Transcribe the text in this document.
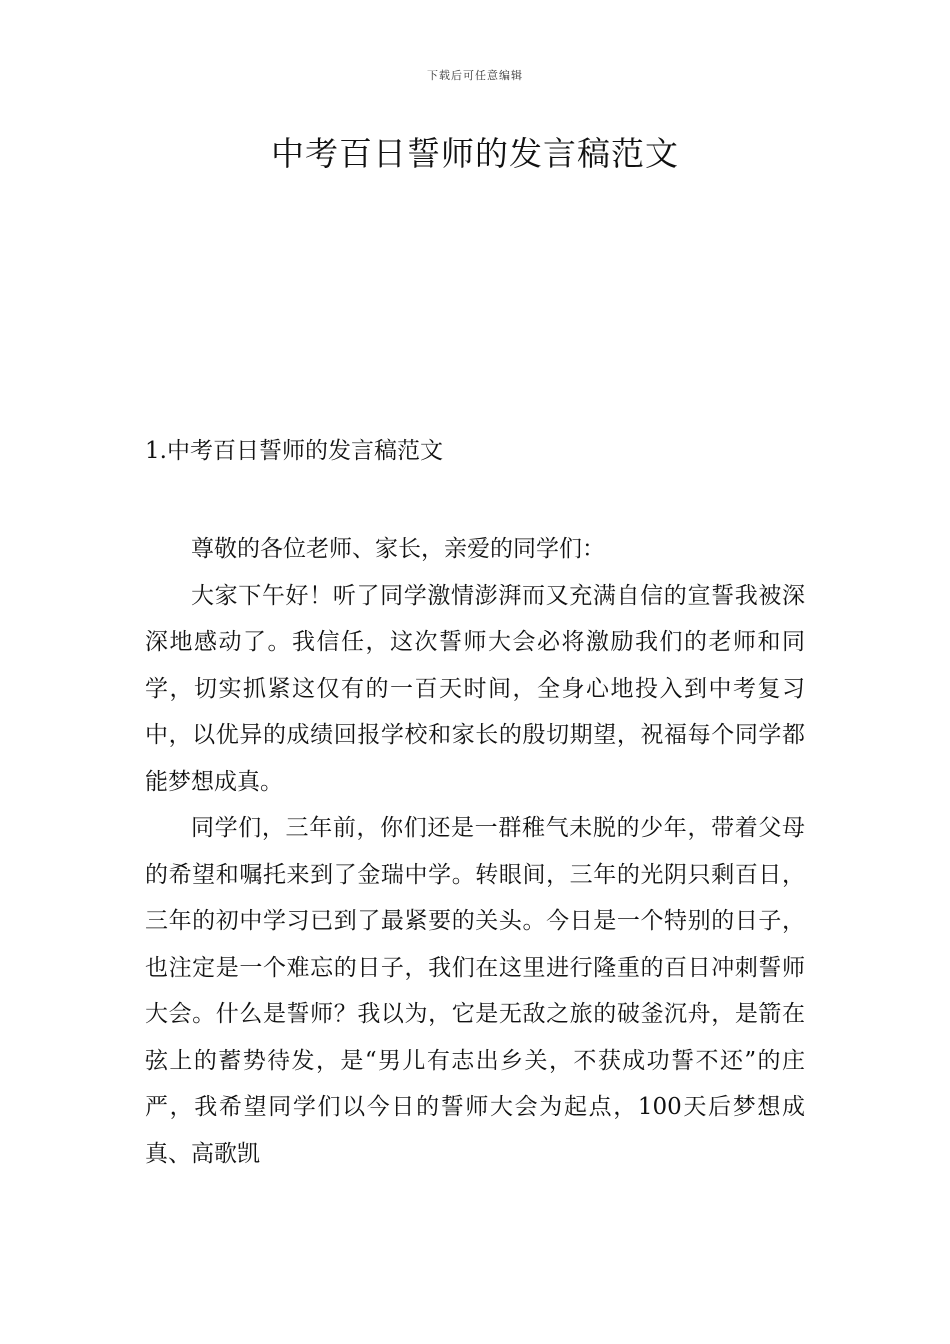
下载后可任意编辑
中考百日誓师的发言稿范文
1.中考百日誓师的发言稿范文

尊敬的各位老师、家长，亲爱的同学们：

大家下午好！听了同学激情澎湃而又充满自信的宣誓我被深深地感动了。我信任，这次誓师大会必将激励我们的老师和同学，切实抓紧这仅有的一百天时间，全身心地投入到中考复习中，以优异的成绩回报学校和家长的殷切期望，祝福每个同学都能梦想成真。

同学们，三年前，你们还是一群稚气未脱的少年，带着父母的希望和嘱托来到了金瑞中学。转眼间，三年的光阴只剩百日，三年的初中学习已到了最紧要的关头。今日是一个特别的日子，也注定是一个难忘的日子，我们在这里进行隆重的百日冲刺誓师大会。什么是誓师？我以为，它是无敌之旅的破釜沉舟，是箭在弦上的蓄势待发，是“男儿有志出乡关，不获成功誓不还”的庄严，我希望同学们以今日的誓师大会为起点，100天后梦想成真、高歌凯
